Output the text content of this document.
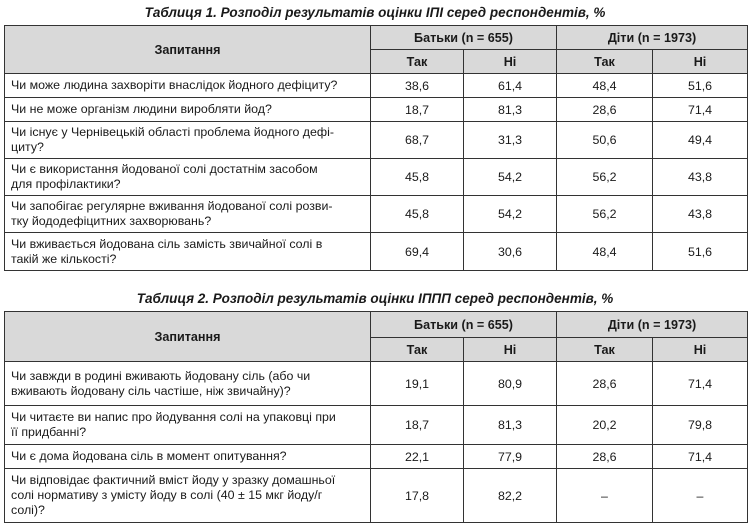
Таблиця 1. Розподіл результатів оцінки ІПІ серед респондентів, %
Запитання	Батьки (n = 655)		Діти (n = 1973)	
	Так	Ні	Так	Ні
Чи може людина захворіти внаслідок йодного дефіциту?	38,6	61,4	48,4	51,6
Чи не може організм людини виробляти йод?	18,7	81,3	28,6	71,4
Чи існує у Чернівецькій області проблема йодного дефі-
циту?	68,7	31,3	50,6	49,4
Чи є використання йодованої солі достатнім засобом
для профілактики?	45,8	54,2	56,2	43,8
Чи запобігає регулярне вживання йодованої солі розви-
тку йододефіцитних захворювань?	45,8	54,2	56,2	43,8
Чи вживається йодована сіль замість звичайної солі в
такій же кількості?	69,4	30,6	48,4	51,6
Таблиця 2. Розподіл результатів оцінки ІППП серед респондентів, %
Запитання	Батьки (n = 655)		Діти (n = 1973)	
	Так	Ні	Так	Ні
Чи завжди в родині вживають йодовану сіль (або чи
вживають йодовану сіль частіше, ніж звичайну)?	19,1	80,9	28,6	71,4
Чи читаєте ви напис про йодування солі на упаковці при
її придбанні?	18,7	81,3	20,2	79,8
Чи є дома йодована сіль в момент опитування?	22,1	77,9	28,6	71,4
Чи відповідає фактичний вміст йоду у зразку домашньої
солі нормативу з умісту йоду в солі (40 ± 15 мкг йоду/г
солі)?	17,8	82,2	–	–
